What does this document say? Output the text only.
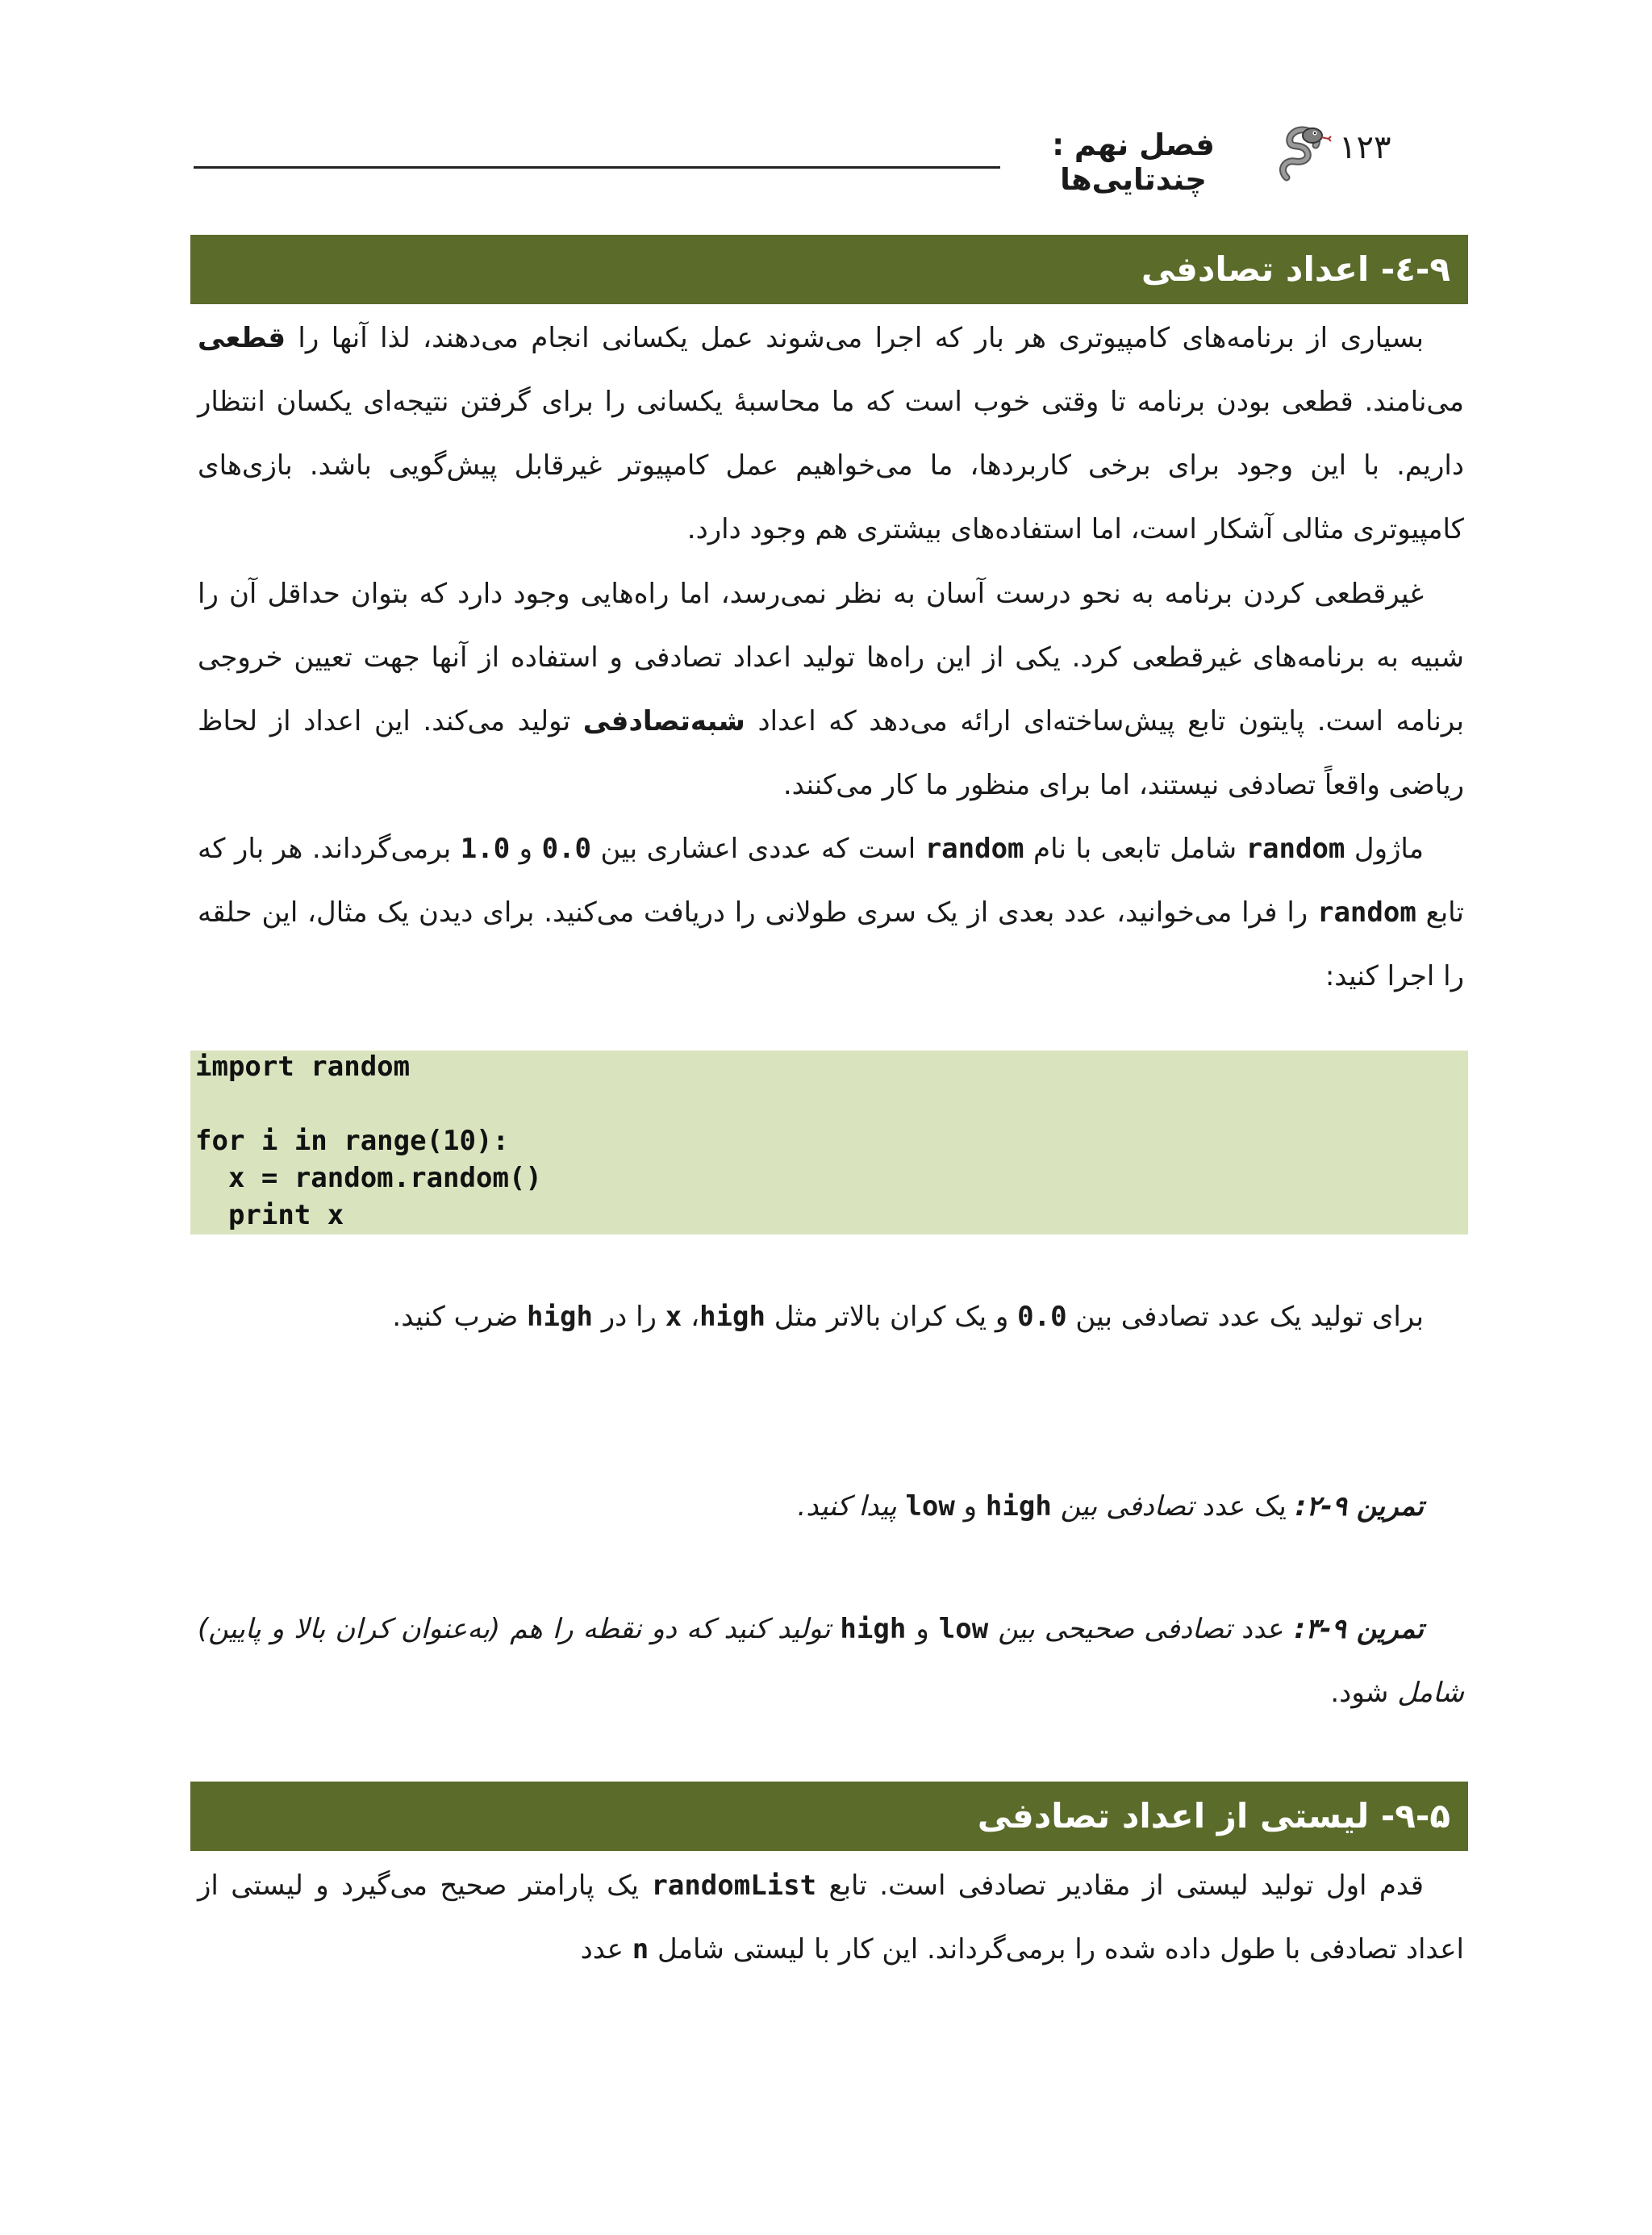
فصل نهم : چندتایی‌ها
۱۲۳
۹-٤- اعداد تصادفی
بسیاری از برنامه‌های کامپیوتری هر بار که اجرا می‌شوند عمل یکسانی انجام می‌دهند، لذا آنها را قطعی می‌نامند. قطعی بودن برنامه تا وقتی خوب است که ما محاسبۀ یکسانی را برای گرفتن نتیجه‌ای یکسان انتظار داریم. با این وجود برای برخی کاربردها، ما می‌خواهیم عمل کامپیوتر غیرقابل پیش‌گویی باشد. بازی‌های کامپیوتری مثالی آشکار است، اما استفاده‌های بیشتری هم وجود دارد.
غیرقطعی کردن برنامه به نحو درست آسان به نظر نمی‌رسد، اما راه‌هایی وجود دارد که بتوان حداقل آن را شبیه به برنامه‌های غیرقطعی کرد. یکی از این راه‌ها تولید اعداد تصادفی و استفاده از آنها جهت تعیین خروجی برنامه است. پایتون تابع پیش‌ساخته‌ای ارائه می‌دهد که اعداد شبه‌تصادفی تولید می‌کند. این اعداد از لحاظ ریاضی واقعاً تصادفی نیستند، اما برای منظور ما کار می‌کنند.
ماژول random شامل تابعی با نام random است که عددی اعشاری بین 0.0 و 1.0 برمی‌گرداند. هر بار که تابع random را فرا می‌خوانید، عدد بعدی از یک سری طولانی را دریافت می‌کنید. برای دیدن یک مثال، این حلقه را اجرا کنید:
import random
for i in range(10):
x = random.random()
print x
برای تولید یک عدد تصادفی بین 0.0 و یک کران بالاتر مثل high، x را در high ضرب کنید.
تمرین ۹-۲: یک عدد تصادفی بین high و low پیدا کنید.
تمرین ۹-۳: عدد تصادفی صحیحی بین low و high تولید کنید که دو نقطه را هم (به‌عنوان کران بالا و پایین) شامل شود.
۹-۵- لیستی از اعداد تصادفی
قدم اول تولید لیستی از مقادیر تصادفی است. تابع randomList یک پارامتر صحیح می‌گیرد و لیستی از اعداد تصادفی با طول داده شده را برمی‌گرداند. این کار با لیستی شامل n عدد
